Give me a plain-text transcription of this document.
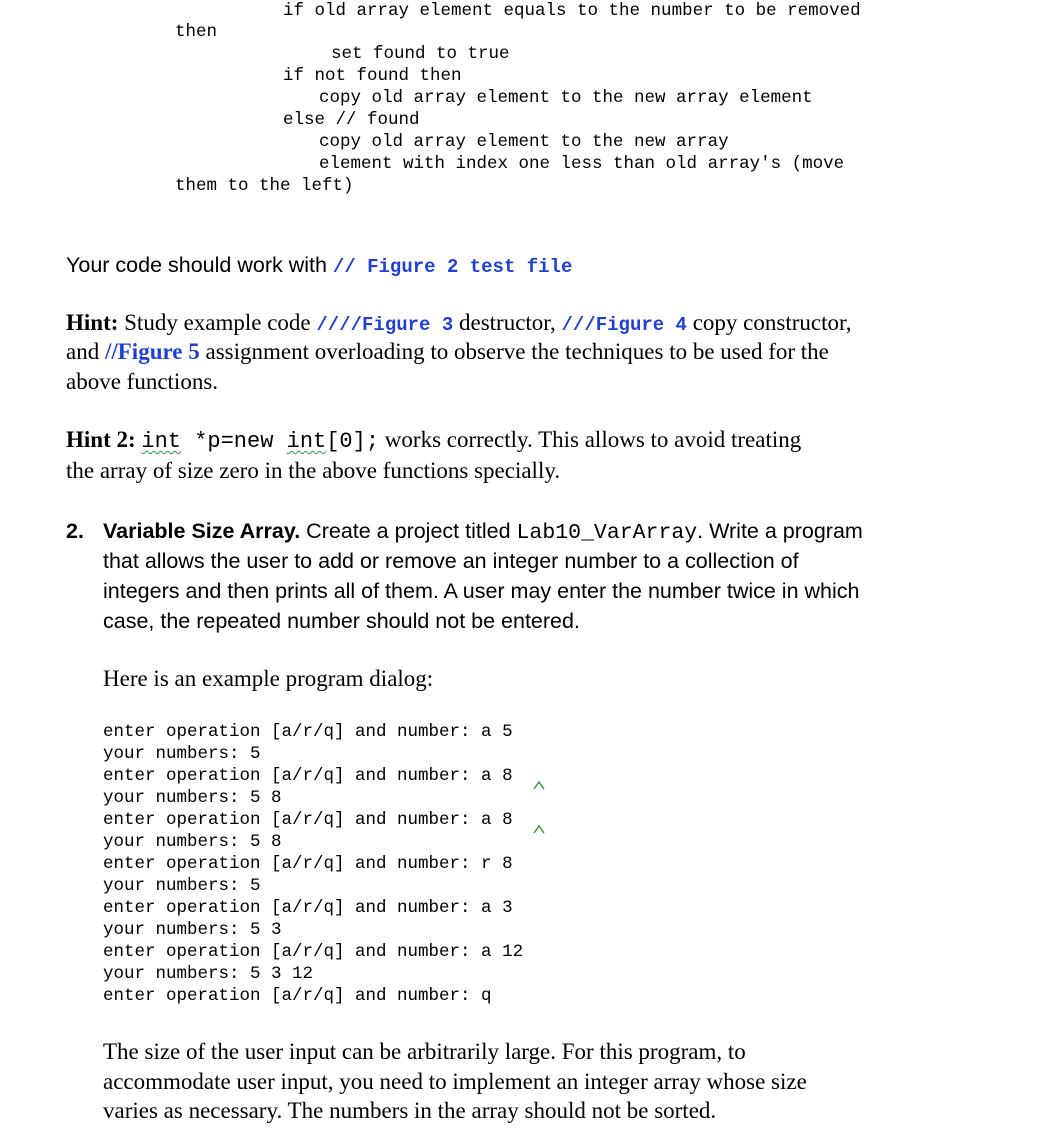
if old array element equals to the number to be removed
then
set found to true
if not found then
copy old array element to the new array element
else // found
copy old array element to the new array
element with index one less than old array's (move
them to the left)
Your code should work with // Figure 2 test file
Hint: Study example code ////Figure 3 destructor, ///Figure 4 copy constructor,
and //Figure 5 assignment overloading to observe the techniques to be used for the
above functions.
Hint 2: int *p=new int[0]; works correctly. This allows to avoid treating
the array of size zero in the above functions specially.
2. Variable Size Array. Create a project titled Lab10_VarArray. Write a program
that allows the user to add or remove an integer number to a collection of
integers and then prints all of them. A user may enter the number twice in which
case, the repeated number should not be entered.
Here is an example program dialog:
enter operation [a/r/q] and number: a 5
your numbers: 5
enter operation [a/r/q] and number: a 8
your numbers: 5 8
enter operation [a/r/q] and number: a 8
your numbers: 5 8
enter operation [a/r/q] and number: r 8
your numbers: 5
enter operation [a/r/q] and number: a 3
your numbers: 5 3
enter operation [a/r/q] and number: a 12
your numbers: 5 3 12
enter operation [a/r/q] and number: q
The size of the user input can be arbitrarily large. For this program, to
accommodate user input, you need to implement an integer array whose size
varies as necessary. The numbers in the array should not be sorted.
